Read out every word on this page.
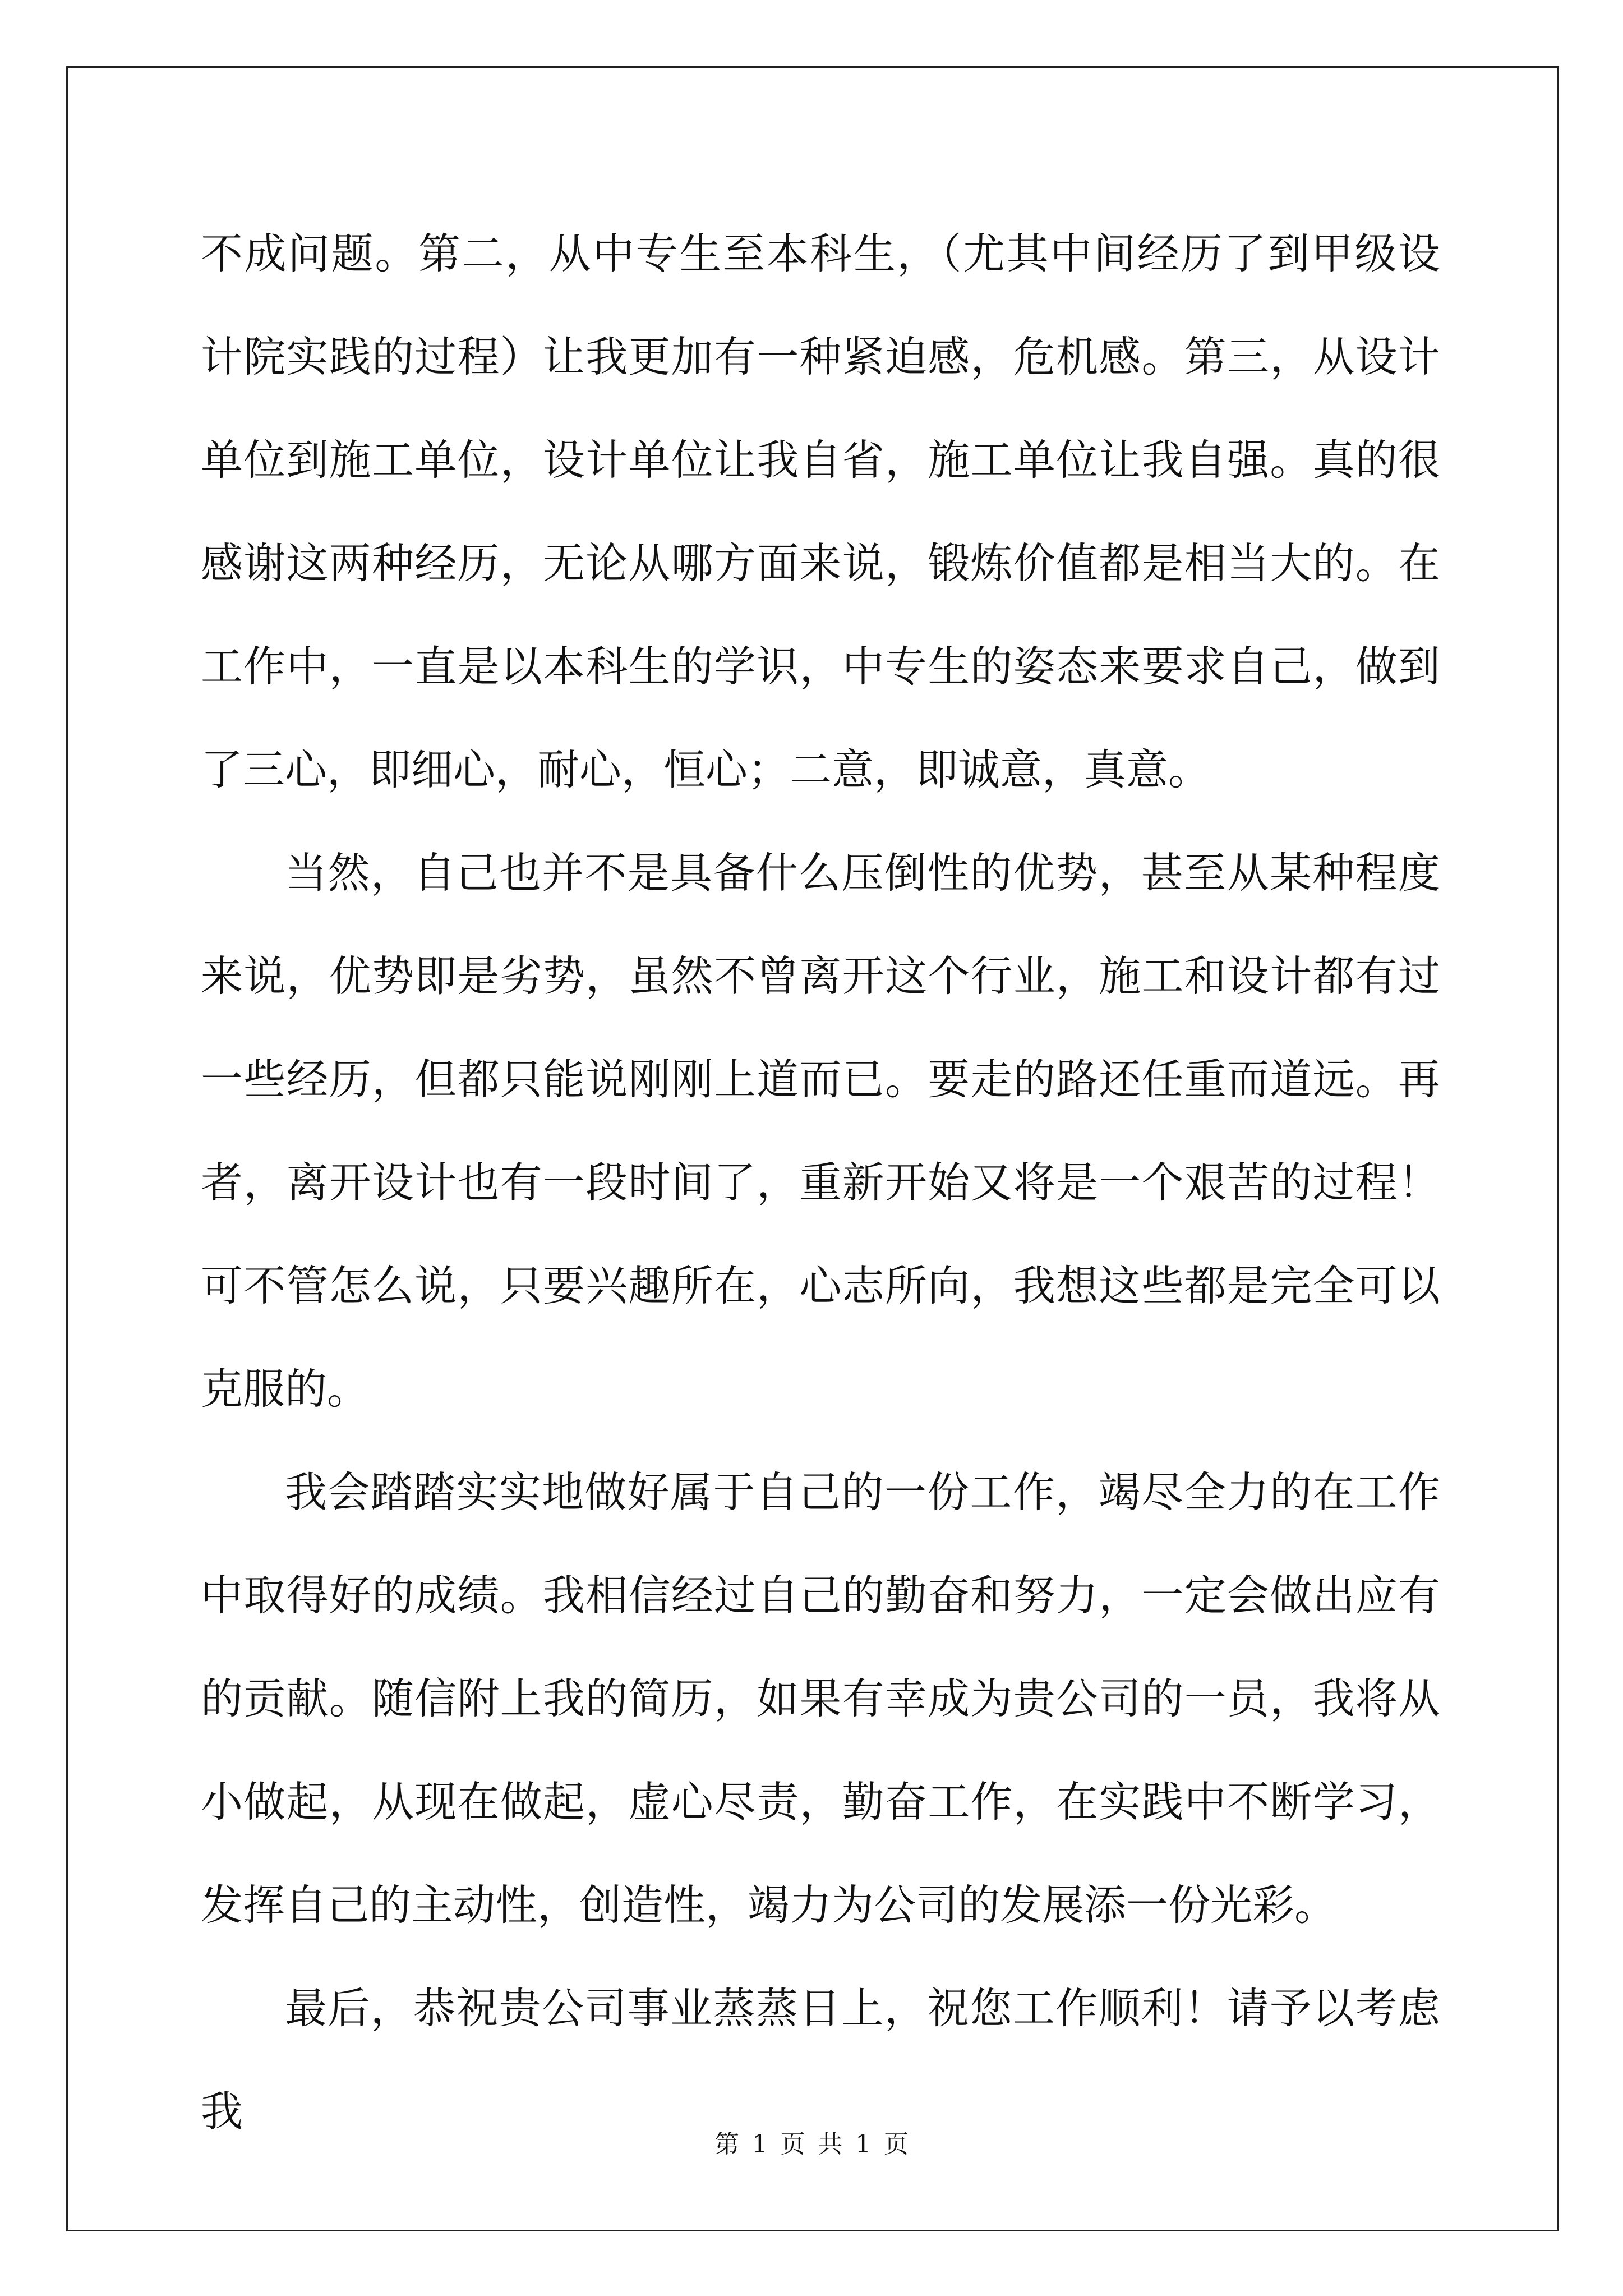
不成问题。第二，从中专生至本科生，（尤其中间经历了到甲级设计院实践的过程）让我更加有一种紧迫感，危机感。第三，从设计单位到施工单位，设计单位让我自省，施工单位让我自强。真的很感谢这两种经历，无论从哪方面来说，锻炼价值都是相当大的。在工作中，一直是以本科生的学识，中专生的姿态来要求自己，做到了三心，即细心，耐心，恒心；二意，即诚意，真意。

当然，自己也并不是具备什么压倒性的优势，甚至从某种程度来说，优势即是劣势，虽然不曾离开这个行业，施工和设计都有过一些经历，但都只能说刚刚上道而已。要走的路还任重而道远。再者，离开设计也有一段时间了，重新开始又将是一个艰苦的过程！可不管怎么说，只要兴趣所在，心志所向，我想这些都是完全可以克服的。

我会踏踏实实地做好属于自己的一份工作，竭尽全力的在工作中取得好的成绩。我相信经过自己的勤奋和努力，一定会做出应有的贡献。随信附上我的简历，如果有幸成为贵公司的一员，我将从小做起，从现在做起，虚心尽责，勤奋工作，在实践中不断学习，发挥自己的主动性，创造性，竭力为公司的发展添一份光彩。

最后，恭祝贵公司事业蒸蒸日上，祝您工作顺利！请予以考虑我

第 1 页 共 1 页
